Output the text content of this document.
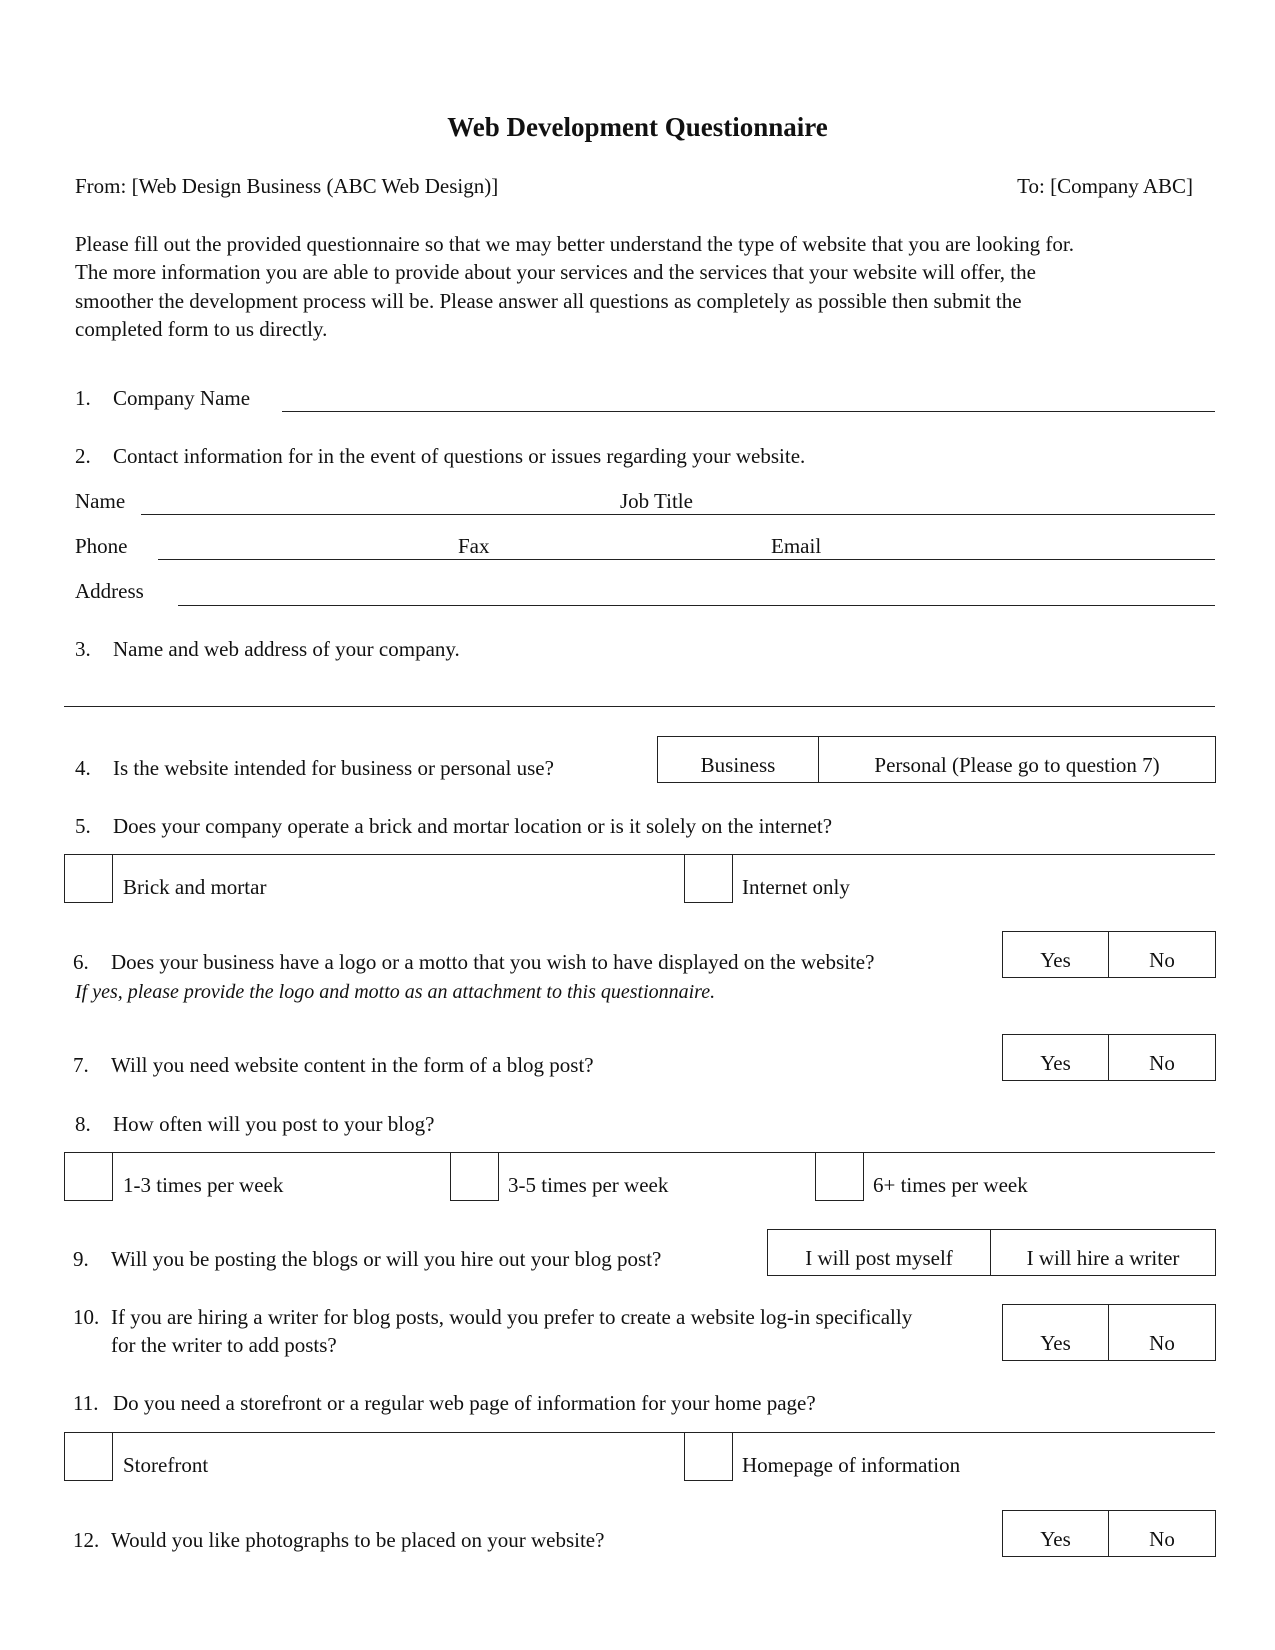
Web Development Questionnaire
From: [Web Design Business (ABC Web Design)]	To: [Company ABC]
Please fill out the provided questionnaire so that we may better understand the type of website that you are looking for.
The more information you are able to provide about your services and the services that your website will offer, the
smoother the development process will be. Please answer all questions as completely as possible then submit the
completed form to us directly.
1. Company Name
2. Contact information for in the event of questions or issues regarding your website.
Name	Job Title
Phone	Fax	Email
Address
3. Name and web address of your company.
4. Is the website intended for business or personal use?	Business	Personal (Please go to question 7)
5. Does your company operate a brick and mortar location or is it solely on the internet?
Brick and mortar	Internet only
6. Does your business have a logo or a motto that you wish to have displayed on the website?
If yes, please provide the logo and motto as an attachment to this questionnaire.
Yes	No
7. Will you need website content in the form of a blog post?	Yes	No
8. How often will you post to your blog?
1-3 times per week	3-5 times per week	6+ times per week
9. Will you be posting the blogs or will you hire out your blog post?	I will post myself	I will hire a writer
10. If you are hiring a writer for blog posts, would you prefer to create a website log-in specifically
for the writer to add posts?	Yes	No
11. Do you need a storefront or a regular web page of information for your home page?
Storefront	Homepage of information
12. Would you like photographs to be placed on your website?	Yes	No
